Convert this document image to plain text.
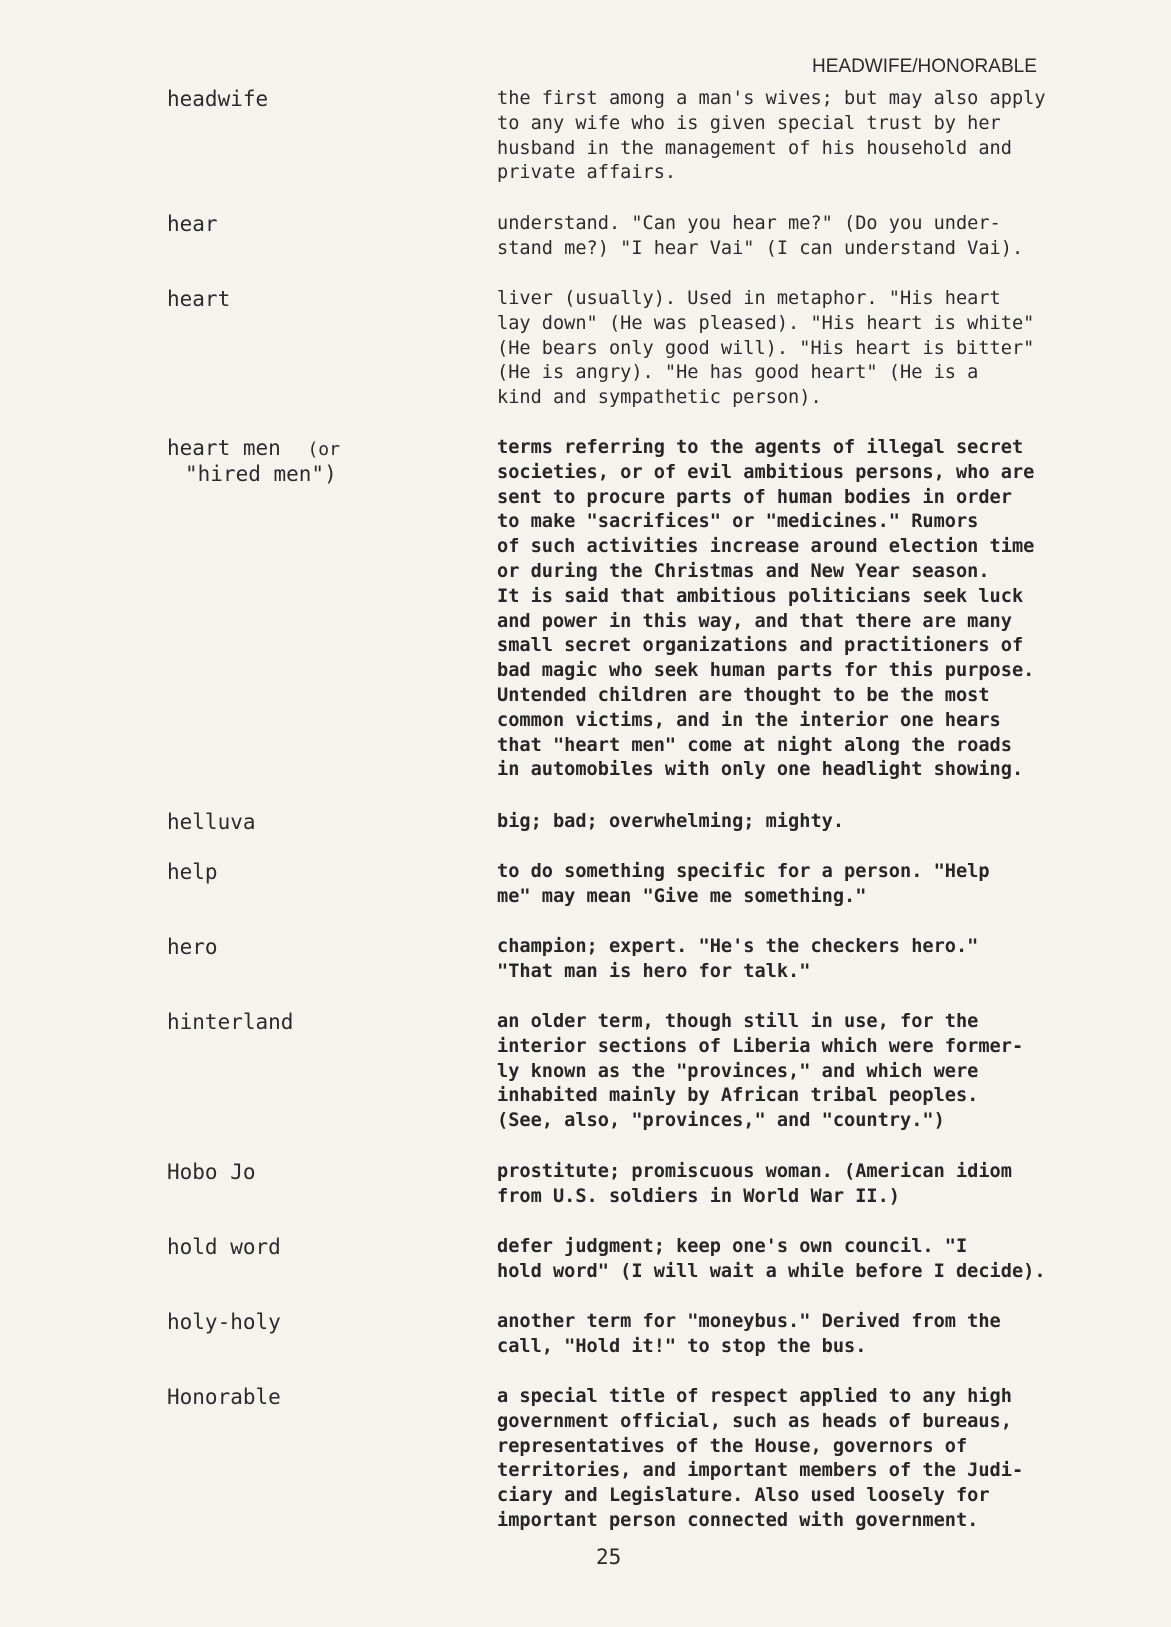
HEADWIFE/HONORABLE
headwife	the first among a man's wives; but may also apply
to any wife who is given special trust by her
husband in the management of his household and
private affairs.
hear	understand. "Can you hear me?" (Do you under-
stand me?) "I hear Vai" (I can understand Vai).
heart	liver (usually). Used in metaphor. "His heart
lay down" (He was pleased). "His heart is white"
(He bears only good will). "His heart is bitter"
(He is angry). "He has good heart" (He is a
kind and sympathetic person).
heart men (or
"hired men")
terms referring to the agents of illegal secret
societies, or of evil ambitious persons, who are
sent to procure parts of human bodies in order
to make "sacrifices" or "medicines." Rumors
of such activities increase around election time
or during the Christmas and New Year season.
It is said that ambitious politicians seek luck
and power in this way, and that there are many
small secret organizations and practitioners of
bad magic who seek human parts for this purpose.
Untended children are thought to be the most
common victims, and in the interior one hears
that "heart men" come at night along the roads
in automobiles with only one headlight showing.
helluva	big; bad; overwhelming; mighty.
help	to do something specific for a person. "Help
me" may mean "Give me something."
hero	champion; expert. "He's the checkers hero."
"That man is hero for talk."
hinterland	an older term, though still in use, for the
interior sections of Liberia which were former-
ly known as the "provinces," and which were
inhabited mainly by African tribal peoples.
(See, also, "provinces," and "country.")
Hobo Jo	prostitute; promiscuous woman. (American idiom
from U.S. soldiers in World War II.)
hold word	defer judgment; keep one's own council. "I
hold word" (I will wait a while before I decide).
holy-holy	another term for "moneybus." Derived from the
call, "Hold it!" to stop the bus.
Honorable	a special title of respect applied to any high
government official, such as heads of bureaus,
representatives of the House, governors of
territories, and important members of the Judi-
ciary and Legislature. Also used loosely for
important person connected with government.
25
